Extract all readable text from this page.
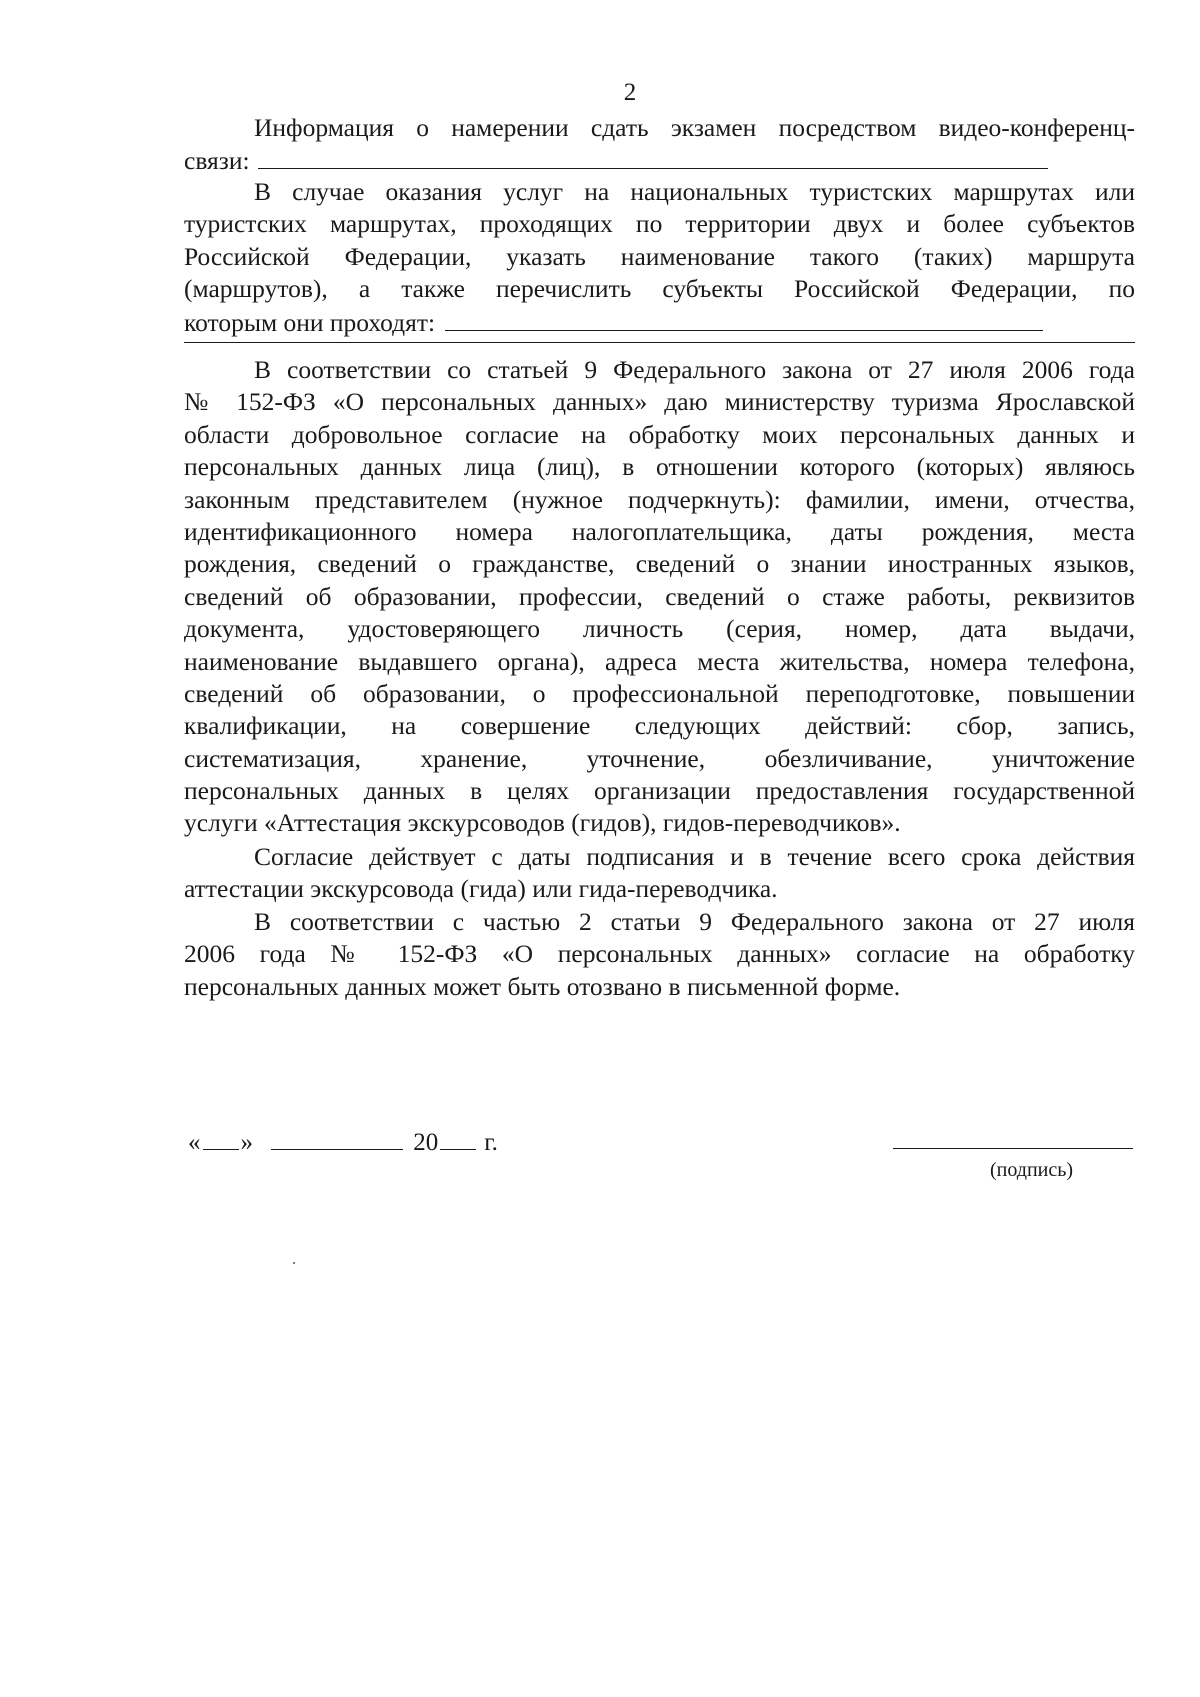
2
Информация о намерении сдать экзамен посредством видео-конференц-
связи:
В случае оказания услуг на национальных туристских маршрутах или
туристских маршрутах, проходящих по территории двух и более субъектов
Российской Федерации, указать наименование такого (таких) маршрута
(маршрутов), а также перечислить субъекты Российской Федерации, по
которым они проходят:
В соответствии со статьей 9 Федерального закона от 27 июля 2006 года
№ 152-ФЗ «О персональных данных» даю министерству туризма Ярославской
области добровольное согласие на обработку моих персональных данных и
персональных данных лица (лиц), в отношении которого (которых) являюсь
законным представителем (нужное подчеркнуть): фамилии, имени, отчества,
идентификационного номера налогоплательщика, даты рождения, места
рождения, сведений о гражданстве, сведений о знании иностранных языков,
сведений об образовании, профессии, сведений о стаже работы, реквизитов
документа, удостоверяющего личность (серия, номер, дата выдачи,
наименование выдавшего органа), адреса места жительства, номера телефона,
сведений об образовании, о профессиональной переподготовке, повышении
квалификации, на совершение следующих действий: сбор, запись,
систематизация, хранение, уточнение, обезличивание, уничтожение
персональных данных в целях организации предоставления государственной
услуги «Аттестация экскурсоводов (гидов), гидов-переводчиков».
Согласие действует с даты подписания и в течение всего срока действия
аттестации экскурсовода (гида) или гида-переводчика.
В соответствии с частью 2 статьи 9 Федерального закона от 27 июля
2006 года № 152-ФЗ «О персональных данных» согласие на обработку
персональных данных может быть отозвано в письменной форме.
« »	20 г.
(подпись)
